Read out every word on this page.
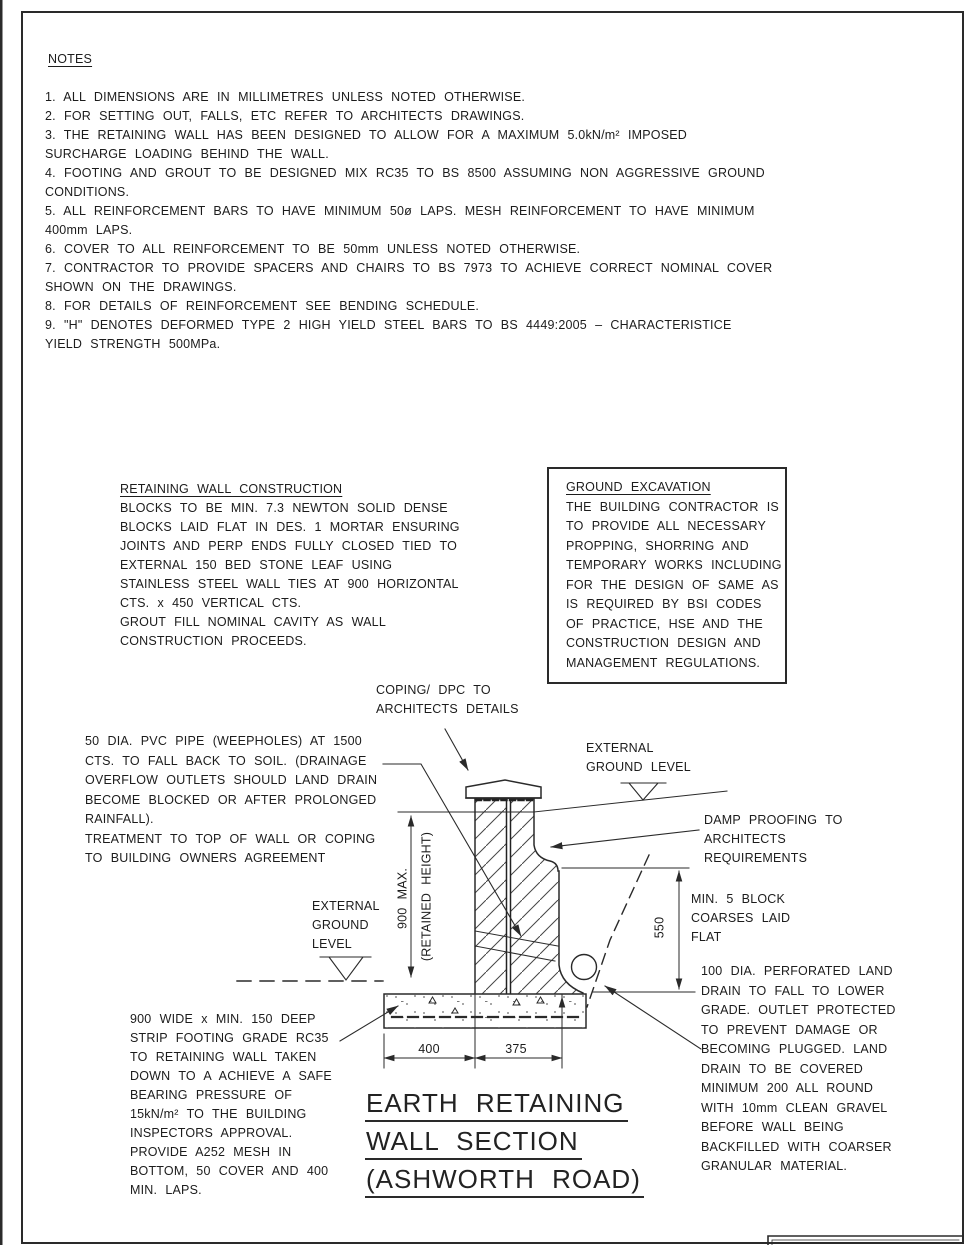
NOTES
1. ALL DIMENSIONS ARE IN MILLIMETRES UNLESS NOTED OTHERWISE.
2. FOR SETTING OUT, FALLS, ETC REFER TO ARCHITECTS DRAWINGS.
3. THE RETAINING WALL HAS BEEN DESIGNED TO ALLOW FOR A MAXIMUM 5.0kN/m² IMPOSED
SURCHARGE LOADING BEHIND THE WALL.
4. FOOTING AND GROUT TO BE DESIGNED MIX RC35 TO BS 8500 ASSUMING NON AGGRESSIVE GROUND
CONDITIONS.
5. ALL REINFORCEMENT BARS TO HAVE MINIMUM 50ø LAPS. MESH REINFORCEMENT TO HAVE MINIMUM
400mm LAPS.
6. COVER TO ALL REINFORCEMENT TO BE 50mm UNLESS NOTED OTHERWISE.
7. CONTRACTOR TO PROVIDE SPACERS AND CHAIRS TO BS 7973 TO ACHIEVE CORRECT NOMINAL COVER
SHOWN ON THE DRAWINGS.
8. FOR DETAILS OF REINFORCEMENT SEE BENDING SCHEDULE.
9. "H" DENOTES DEFORMED TYPE 2 HIGH YIELD STEEL BARS TO BS 4449:2005 – CHARACTERISTICE
YIELD STRENGTH 500MPa.
RETAINING WALL CONSTRUCTION
BLOCKS TO BE MIN. 7.3 NEWTON SOLID DENSE
BLOCKS LAID FLAT IN DES. 1 MORTAR ENSURING
JOINTS AND PERP ENDS FULLY CLOSED TIED TO
EXTERNAL 150 BED STONE LEAF USING
STAINLESS STEEL WALL TIES AT 900 HORIZONTAL
CTS. x 450 VERTICAL CTS.
GROUT FILL NOMINAL CAVITY AS WALL
CONSTRUCTION PROCEEDS.
GROUND EXCAVATION
THE BUILDING CONTRACTOR IS
TO PROVIDE ALL NECESSARY
PROPPING, SHORRING AND
TEMPORARY WORKS INCLUDING
FOR THE DESIGN OF SAME AS
IS REQUIRED BY BSI CODES
OF PRACTICE, HSE AND THE
CONSTRUCTION DESIGN AND
MANAGEMENT REGULATIONS.
COPING/ DPC TO
ARCHITECTS DETAILS
50 DIA. PVC PIPE (WEEPHOLES) AT 1500
CTS. TO FALL BACK TO SOIL. (DRAINAGE
OVERFLOW OUTLETS SHOULD LAND DRAIN
BECOME BLOCKED OR AFTER PROLONGED
RAINFALL).
TREATMENT TO TOP OF WALL OR COPING
TO BUILDING OWNERS AGREEMENT
EXTERNAL
GROUND LEVEL
DAMP PROOFING TO
ARCHITECTS
REQUIREMENTS
MIN. 5 BLOCK
COARSES LAID
FLAT
100 DIA. PERFORATED LAND
DRAIN TO FALL TO LOWER
GRADE. OUTLET PROTECTED
TO PREVENT DAMAGE OR
BECOMING PLUGGED. LAND
DRAIN TO BE COVERED
MINIMUM 200 ALL ROUND
WITH 10mm CLEAN GRAVEL
BEFORE WALL BEING
BACKFILLED WITH COARSER
GRANULAR MATERIAL.
EXTERNAL
GROUND
LEVEL
900 WIDE x MIN. 150 DEEP
STRIP FOOTING GRADE RC35
TO RETAINING WALL TAKEN
DOWN TO A ACHIEVE A SAFE
BEARING PRESSURE OF
15kN/m² TO THE BUILDING
INSPECTORS APPROVAL.
PROVIDE A252 MESH IN
BOTTOM, 50 COVER AND 400
MIN. LAPS.
900 MAX. (RETAINED HEIGHT)	550
400	375
EARTH RETAINING
WALL SECTION
(ASHWORTH ROAD)
